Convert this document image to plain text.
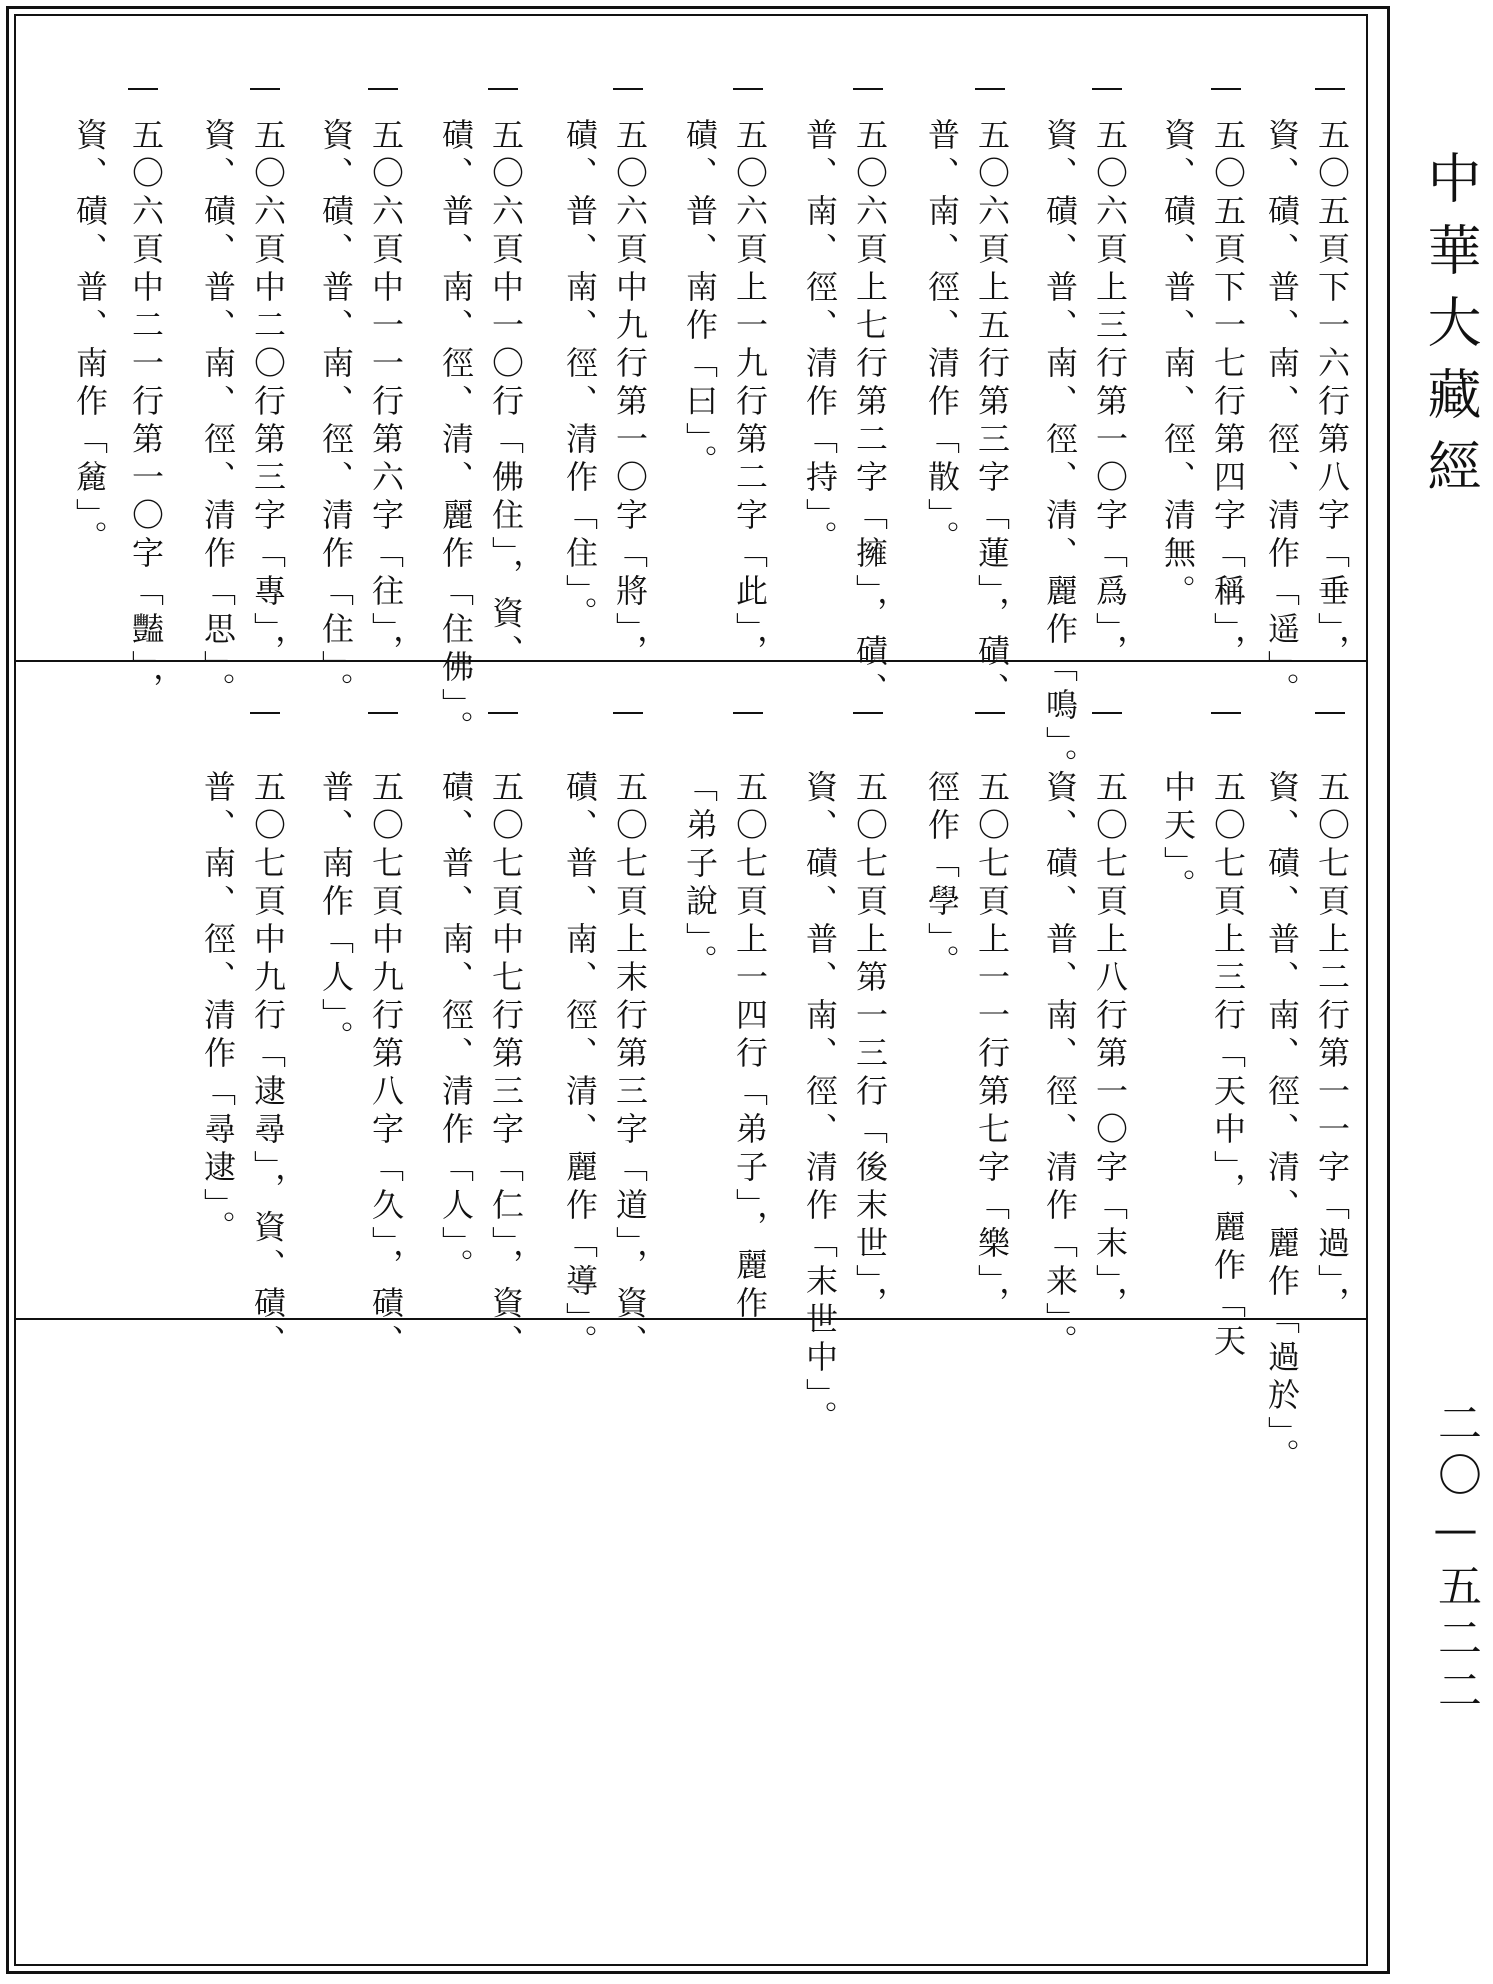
中華大藏經
二〇—五二二
五〇五頁下一六行第八字「垂」，
資、磧、普、南、徑、清作「遥」。
五〇五頁下一七行第四字「稱」，
資、磧、普、南、徑、清無。
五〇六頁上三行第一〇字「爲」，
資、磧、普、南、徑、清、麗作「鳴」。
五〇六頁上五行第三字「蓮」，磧、
普、南、徑、清作「散」。
五〇六頁上七行第二字「擁」，磧、
普、南、徑、清作「持」。
五〇六頁上一九行第二字「此」，
磧、普、南作「曰」。
五〇六頁中九行第一〇字「將」，
磧、普、南、徑、清作「住」。
五〇六頁中一〇行「佛住」，資、
磧、普、南、徑、清、麗作「住佛」。
五〇六頁中一一行第六字「往」，
資、磧、普、南、徑、清作「住」。
五〇六頁中二〇行第三字「專」，
資、磧、普、南、徑、清作「思」。
五〇六頁中二一行第一〇字「豔」，
資、磧、普、南作「麄」。
五〇七頁上二行第一一字「過」，
資、磧、普、南、徑、清、麗作「過於」。
五〇七頁上三行「天中」，麗作「天
中天」。
五〇七頁上八行第一〇字「末」，
資、磧、普、南、徑、清作「来」。
五〇七頁上一一行第七字「樂」，
徑作「學」。
五〇七頁上第一三行「後末世」，
資、磧、普、南、徑、清作「末世中」。
五〇七頁上一四行「弟子」，麗作
「弟子說」。
五〇七頁上末行第三字「道」，資、
磧、普、南、徑、清、麗作「導」。
五〇七頁中七行第三字「仁」，資、
磧、普、南、徑、清作「人」。
五〇七頁中九行第八字「久」，磧、
普、南作「人」。
五〇七頁中九行「逮尋」，資、磧、
普、南、徑、清作「尋逮」。
